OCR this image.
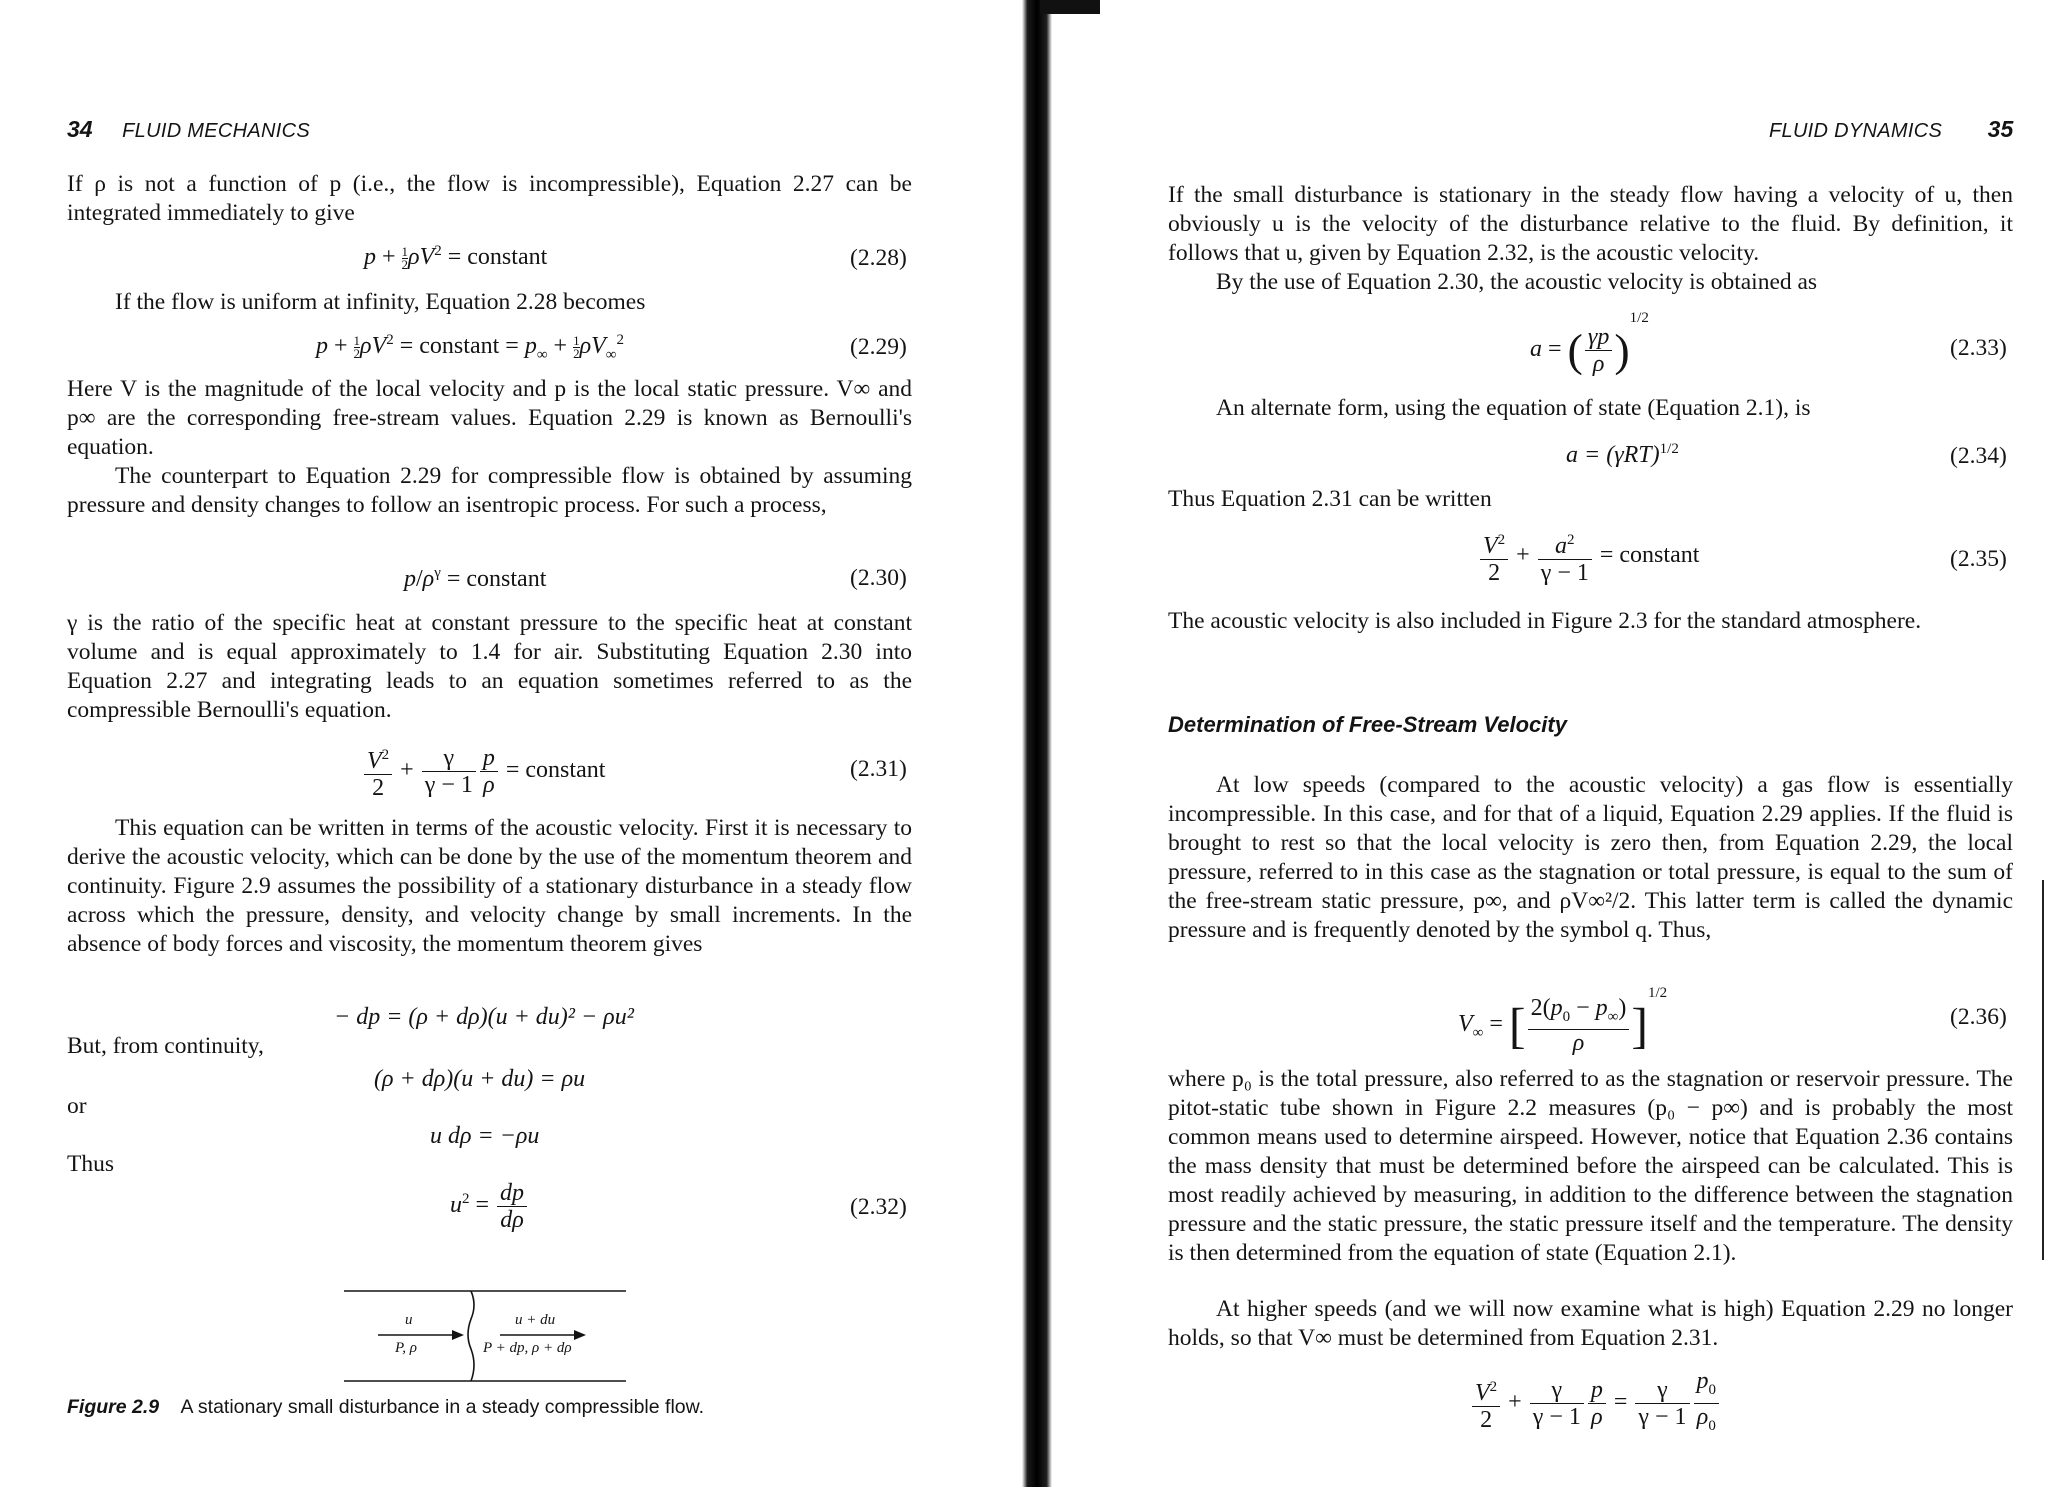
34 FLUID MECHANICS

If ρ is not a function of p (i.e., the flow is incompressible), Equation 2.27 can be integrated immediately to give

$p + \frac{1}{2} \rho V^2$ = constant	(2.28)
If the flow is uniform at infinity, Equation 2.28 becomes
$p + \frac{1}{2} \rho V^2$ = constant = $p_\infty + \frac{1}{2} \rho V_\infty^2$	(2.29)

Here V is the magnitude of the local velocity and p is the local static pressure. V∞ and p∞ are the corresponding free-stream values. Equation 2.29 is known as Bernoulli's equation.

The counterpart to Equation 2.29 for compressible flow is obtained by assuming pressure and density changes to follow an isentropic process. For such a process,

$p/\rho^\gamma$ = constant	(2.30)

γ is the ratio of the specific heat at constant pressure to the specific heat at constant volume and is equal approximately to 1.4 for air. Substituting Equation 2.30 into Equation 2.27 and integrating leads to an equation sometimes referred to as the compressible Bernoulli's equation.

$\frac{V^2}{2} + \frac{\gamma}{\gamma - 1} \frac{p}{\rho}$ = constant	(2.31)

This equation can be written in terms of the acoustic velocity. First it is necessary to derive the acoustic velocity, which can be done by the use of the momentum theorem and continuity. Figure 2.9 assumes the possibility of a stationary disturbance in a steady flow across which the pressure, density, and velocity change by small increments. In the absence of body forces and viscosity, the momentum theorem gives

− dp = (ρ + dρ)(u + du)² − ρu²
But, from continuity,
(ρ + dρ)(u + du) = ρu
or
u dρ = −ρu
Thus
$u^2 = \frac{dp}{d\rho}$	(2.32)
u
P, ρ
u + du
P + dp, ρ + dρ
Figure 2.9 A stationary small disturbance in a steady compressible flow.
FLUID DYNAMICS 35

If the small disturbance is stationary in the steady flow having a velocity of u, then obviously u is the velocity of the disturbance relative to the fluid. By definition, it follows that u, given by Equation 2.32, is the acoustic velocity.

By the use of Equation 2.30, the acoustic velocity is obtained as

a = ( $\frac{\gamma p}{\rho} )^{1/2}$
(2.33)

An alternate form, using the equation of state (Equation 2.1), is

$a = (\gamma RT)^{1/2}$	(2.34)

Thus Equation 2.31 can be written

$\frac{V^2}{2} + \frac{a^2}{\gamma - 1}$ = constant	(2.35)

The acoustic velocity is also included in Figure 2.3 for the standard atmosphere.

Determination of Free-Stream Velocity

At low speeds (compared to the acoustic velocity) a gas flow is essentially incompressible. In this case, and for that of a liquid, Equation 2.29 applies. If the fluid is brought to rest so that the local velocity is zero then, from Equation 2.29, the local pressure, referred to in this case as the stagnation or total pressure, is equal to the sum of the free-stream static pressure, p∞, and ρV∞²/2. This latter term is called the dynamic pressure and is frequently denoted by the symbol q. Thus,

$V_\infty$ = [ $\frac{2(p_0 - p_\infty)}{\rho} ]^{1/2}$
(2.36)

where p₀ is the total pressure, also referred to as the stagnation or reservoir pressure. The pitot-static tube shown in Figure 2.2 measures (p₀ − p∞) and is probably the most common means used to determine airspeed. However, notice that Equation 2.36 contains the mass density that must be determined before the airspeed can be calculated. This is most readily achieved by measuring, in addition to the difference between the stagnation pressure and the static pressure, the static pressure itself and the temperature. The density is then determined from the equation of state (Equation 2.1).

At higher speeds (and we will now examine what is high) Equation 2.29 no longer holds, so that V∞ must be determined from Equation 2.31.

$\frac{V^2}{2} + \frac{\gamma}{\gamma - 1} \frac{p}{\rho} = \frac{\gamma}{\gamma - 1} \frac{p_0}{\rho_0}$
